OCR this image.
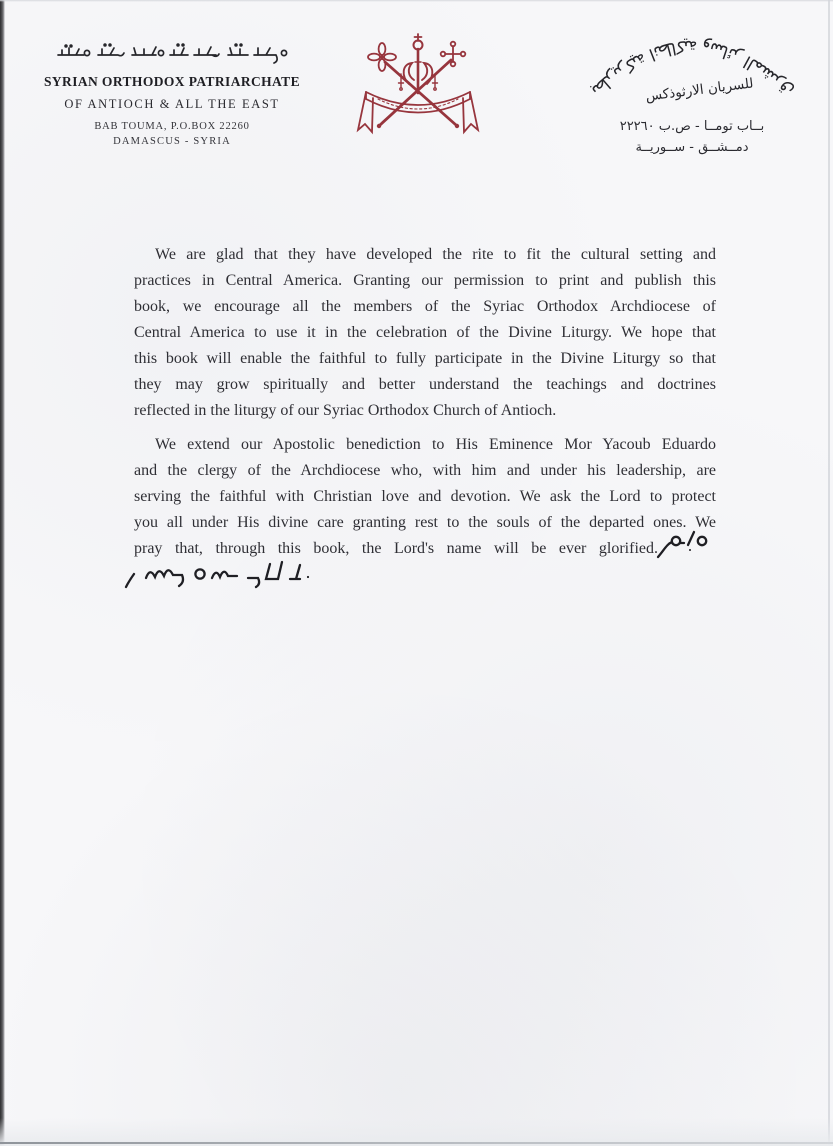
SYRIAN ORTHODOX PATRIARCHATE
OF ANTIOCH & ALL THE EAST
BAB TOUMA, P.O.BOX 22260
DAMASCUS - SYRIA
بطريركية انطاكية وسائر المشرق	للسريان الارثوذكس
بــاب تومــا - ص.ب ٢٢٢٦٠
دمــشــق - ســوريــة
We are glad that they have developed the rite to fit the cultural setting and
practices in Central America. Granting our permission to print and publish this
book, we encourage all the members of the Syriac Orthodox Archdiocese of
Central America to use it in the celebration of the Divine Liturgy. We hope that
this book will enable the faithful to fully participate in the Divine Liturgy so that
they may grow spiritually and better understand the teachings and doctrines
reflected in the liturgy of our Syriac Orthodox Church of Antioch.
We extend our Apostolic benediction to His Eminence Mor Yacoub Eduardo
and the clergy of the Archdiocese who, with him and under his leadership, are
serving the faithful with Christian love and devotion. We ask the Lord to protect
you all under His divine care granting rest to the souls of the departed ones. We
pray that, through this book, the Lord's name will be ever glorified.
